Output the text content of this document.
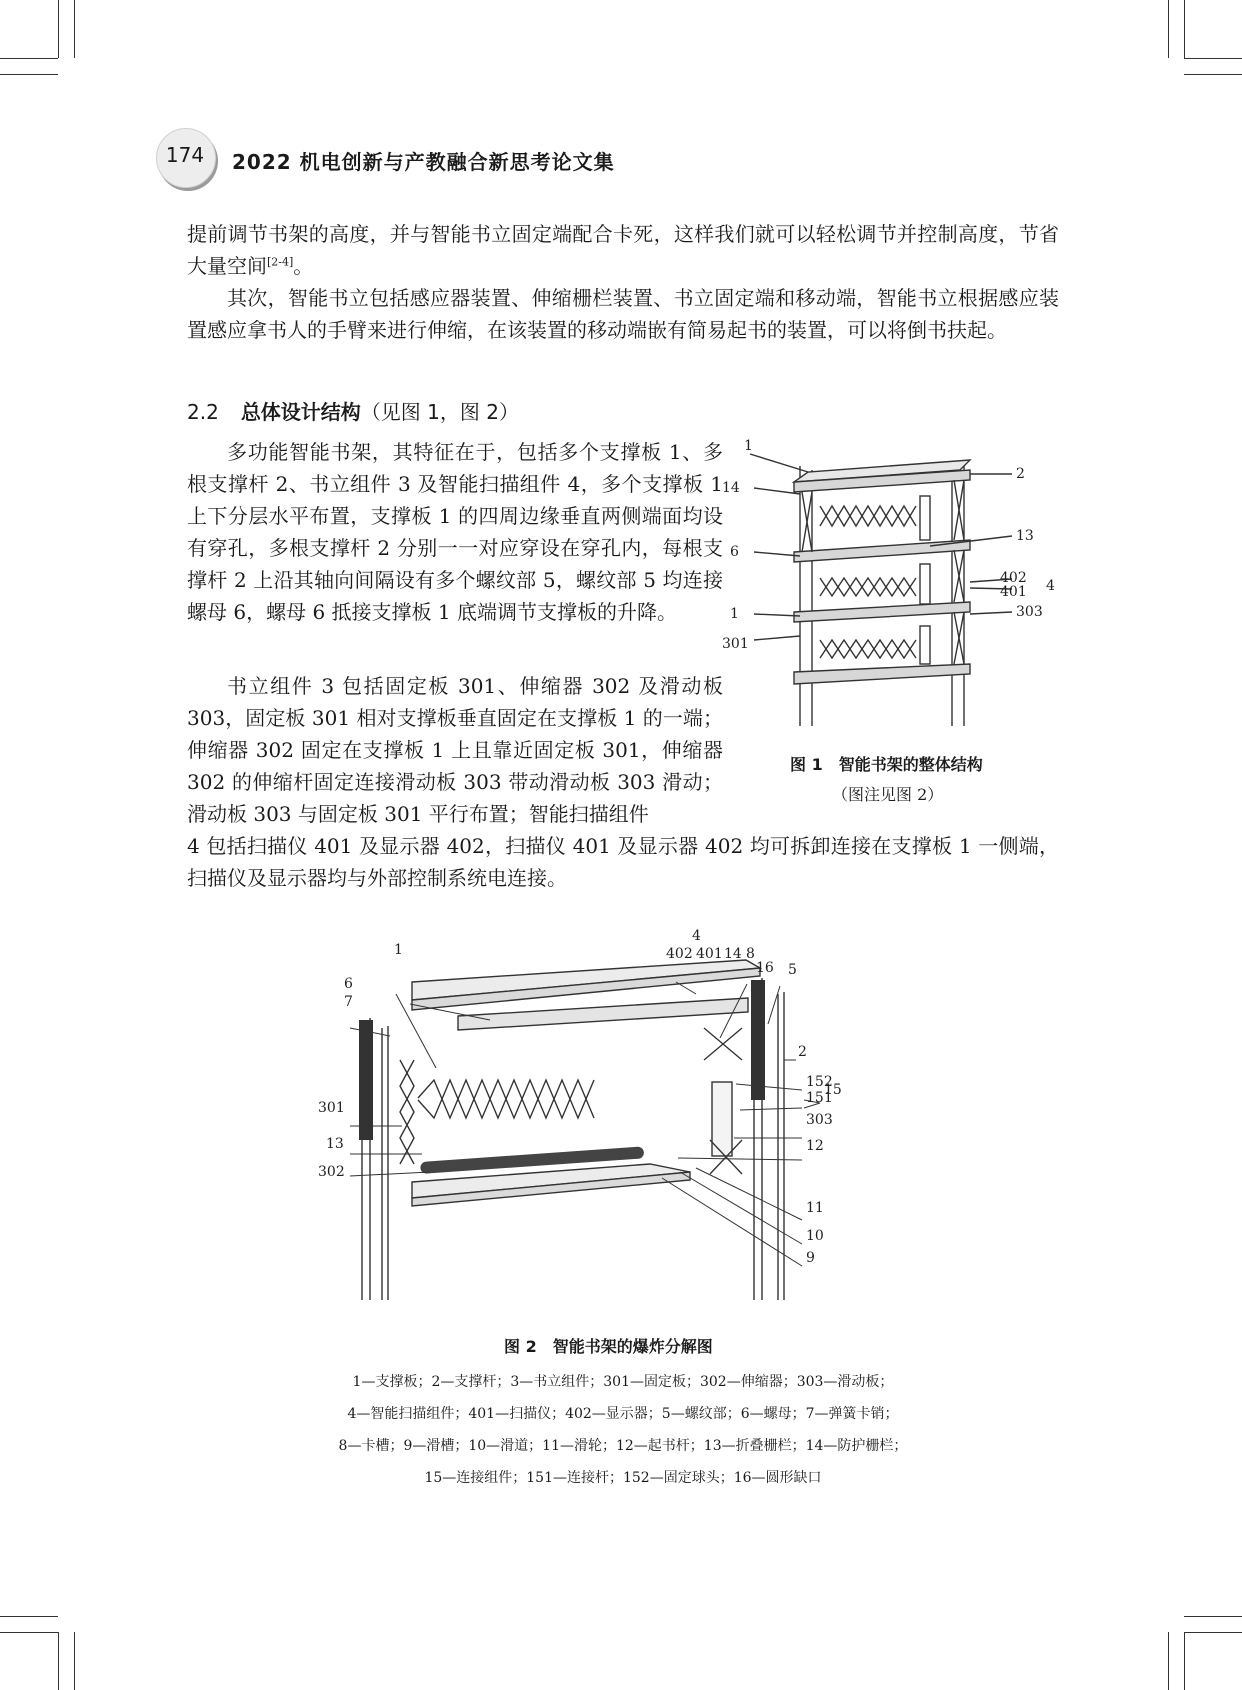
174 2022 机电创新与产教融合新思考论文集

提前调节书架的高度，并与智能书立固定端配合卡死，这样我们就可以轻松调节并控制高度，节省大量空间[2-4]。

其次，智能书立包括感应器装置、伸缩栅栏装置、书立固定端和移动端，智能书立根据感应装置感应拿书人的手臂来进行伸缩，在该装置的移动端嵌有简易起书的装置，可以将倒书扶起。

2.2 总体设计结构（见图 1，图 2）

多功能智能书架，其特征在于，包括多个支撑板 1、多根支撑杆 2、书立组件 3 及智能扫描组件 4，多个支撑板 1 上下分层水平布置，支撑板 1 的四周边缘垂直两侧端面均设有穿孔，多根支撑杆 2 分别一一对应穿设在穿孔内，每根支撑杆 2 上沿其轴向间隔设有多个螺纹部 5，螺纹部 5 均连接螺母 6，螺母 6 抵接支撑板 1 底端调节支撑板的升降。

书立组件 3 包括固定板 301、伸缩器 302 及滑动板 303，固定板 301 相对支撑板垂直固定在支撑板 1 的一端；伸缩器 302 固定在支撑板 1 上且靠近固定板 301，伸缩器 302 的伸缩杆固定连接滑动板 303 带动滑动板 303 滑动；滑动板 303 与固定板 301 平行布置；智能扫描组件

4 包括扫描仪 401 及显示器 402，扫描仪 401 及显示器 402 均可拆卸连接在支撑板 1 一侧端，扫描仪及显示器均与外部控制系统电连接。

1
2
14
6
13
402
401 4
1	303
301
图 1　智能书架的整体结构
（图注见图 2）
4
402 401 14 8
16 5
1
6
7
2
152
151
15
301
303
13	12
302
11
10
9
图 2　智能书架的爆炸分解图
1—支撑板；2—支撑杆；3—书立组件；301—固定板；302—伸缩器；303—滑动板；
4—智能扫描组件；401—扫描仪；402—显示器；5—螺纹部；6—螺母；7—弹簧卡销；
8—卡槽；9—滑槽；10—滑道；11—滑轮；12—起书杆；13—折叠栅栏；14—防护栅栏；
15—连接组件；151—连接杆；152—固定球头；16—圆形缺口
